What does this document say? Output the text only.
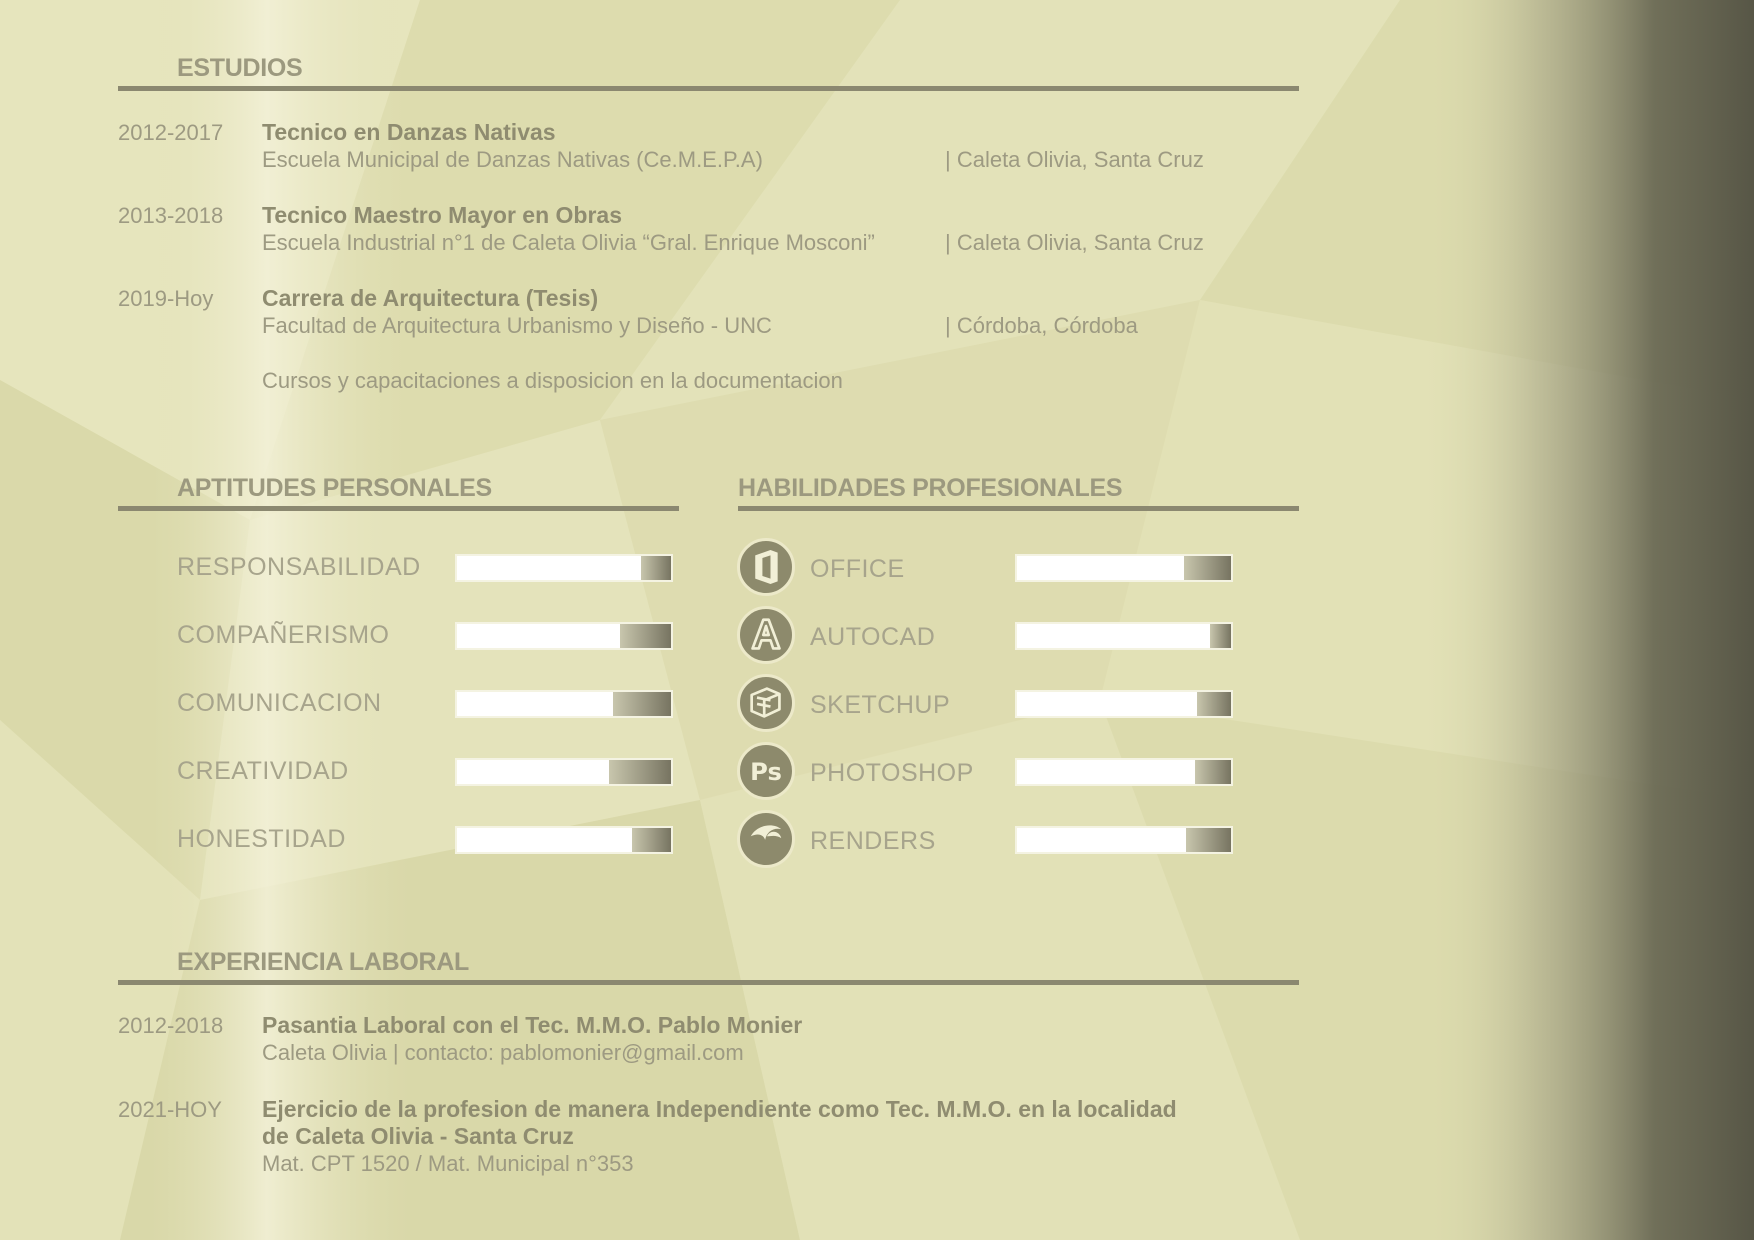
ESTUDIOS
2012-2017 Tecnico en Danzas Nativas
Escuela Municipal de Danzas Nativas (Ce.M.E.P.A)	| Caleta Olivia, Santa Cruz
2013-2018 Tecnico Maestro Mayor en Obras
Escuela Industrial n°1 de Caleta Olivia “Gral. Enrique Mosconi”	| Caleta Olivia, Santa Cruz
2019-Hoy Carrera de Arquitectura (Tesis)
Facultad de Arquitectura Urbanismo y Diseño - UNC	| Córdoba, Córdoba
Cursos y capacitaciones a disposicion en la documentacion
APTITUDES PERSONALES
RESPONSABILIDAD
COMPAÑERISMO
COMUNICACION
CREATIVIDAD
HONESTIDAD
HABILIDADES PROFESIONALES
OFFICE
AUTOCAD
SKETCHUP
Ps PHOTOSHOP
RENDERS
EXPERIENCIA LABORAL
2012-2018 Pasantia Laboral con el Tec. M.M.O. Pablo Monier
Caleta Olivia | contacto: pablomonier@gmail.com
2021-HOY Ejercicio de la profesion de manera Independiente como Tec. M.M.O. en la localidad
de Caleta Olivia - Santa Cruz
Mat. CPT 1520 / Mat. Municipal n°353
